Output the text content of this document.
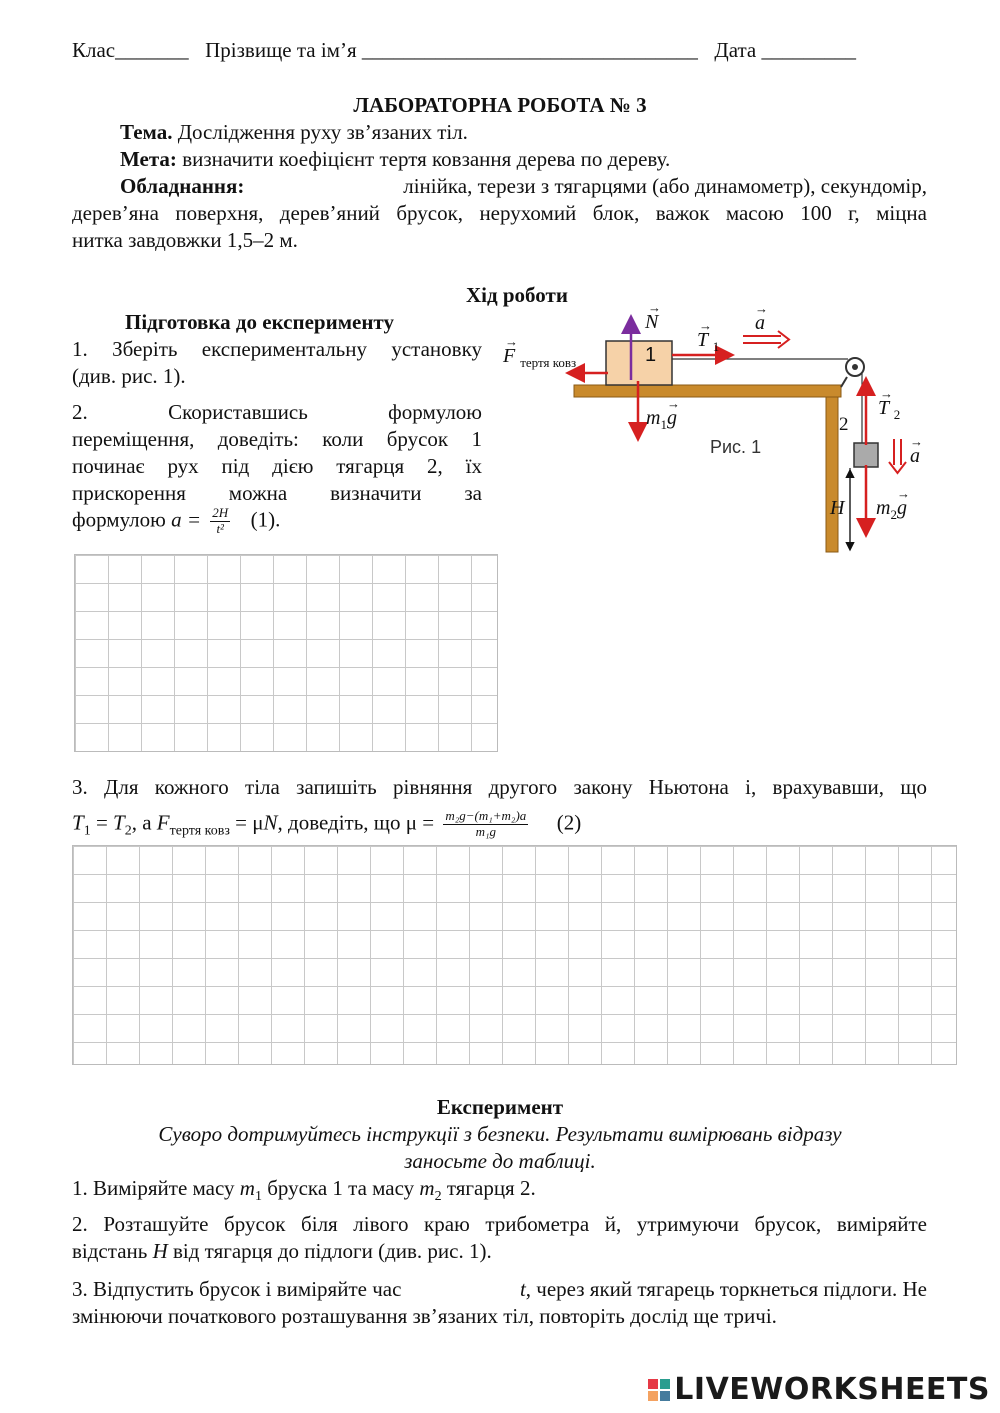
Клас_______ Прізвище та ім’я ________________________________ Дата _________
ЛАБОРАТОРНА РОБОТА № 3
Тема. Дослідження руху зв’язаних тіл.
Мета: визначити коефіцієнт тертя ковзання дерева по дереву.
Обладнання:	лінійка, терези з тягарцями (або динамометр), секундомір,
дерев’яна поверхня, дерев’яний брусок, нерухомий блок, важок масою 100 г, міцна
нитка завдовжки 1,5–2 м.
Хід роботи
Підготовка до експерименту
1. Зберіть експериментальну установку
(див. рис. 1).
2. Скориставшись формулою
переміщення, доведіть: коли брусок 1
починає рух під дією тягарця 2, їх
прискорення можна визначити за
формулою $a = \frac{2H}{\text{t²}} (1)$.
→
N	→
T $_1$
→
a
→
F $_{тертя ковз}$	1
$m_1$
→
g
Рис. 1
→
T $_2$
2
→
a
H $m_2$
→
g
3. Для кожного тіла запишіть рівняння другого закону Ньютона і, врахувавши, що
$T_1 = T_2$, а $F_{тертя ковз} = \mu N$, доведіть, що $\mu = \frac{\text{m₂g−(m₁+m₂)a}}{\text{m₁g}} (2)$
Експеримент
Суворо дотримуйтесь інструкції з безпеки. Результати вимірювань відразу
заносьте до таблиці.
1. Виміряйте масу $m_1$ бруска 1 та масу $m_2$ тягарця 2.
2. Розташуйте брусок біля лівого краю трибометра й, утримуючи брусок, виміряйте
відстань H від тягарця до підлоги (див. рис. 1).
3. Відпустить брусок і виміряйте час	t, через який тягарець торкнеться підлоги. Не
змінюючи початкового розташування зв’язаних тіл, повторіть дослід ще тричі.
LIVEWORKSHEETS
